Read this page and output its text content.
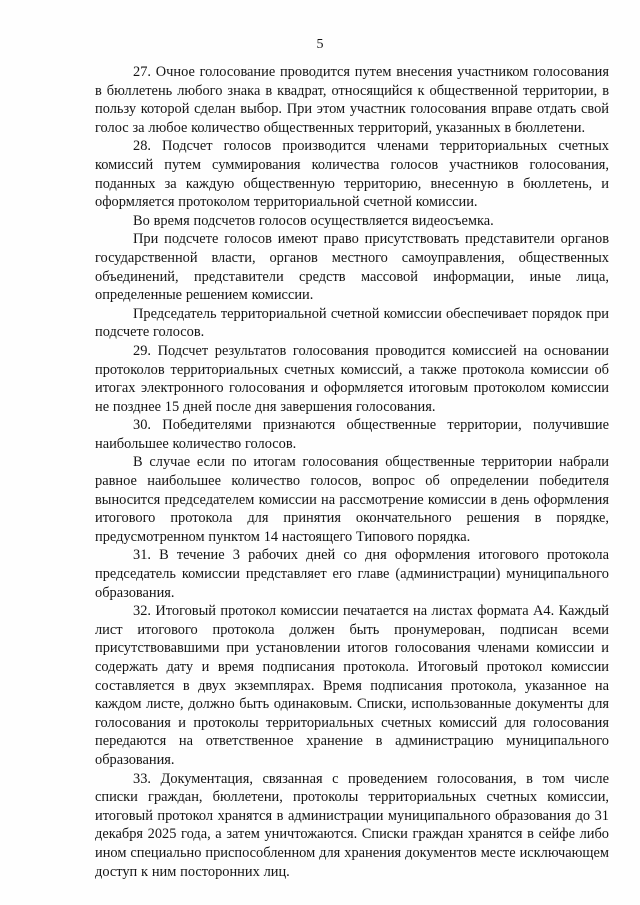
5

27. Очное голосование проводится путем внесения участником голосования в бюллетень любого знака в квадрат, относящийся к общественной территории, в пользу которой сделан выбор. При этом участник голосования вправе отдать свой голос за любое количество общественных территорий, указанных в бюллетени.

28. Подсчет голосов производится членами территориальных счетных комиссий путем суммирования количества голосов участников голосования, поданных за каждую общественную территорию, внесенную в бюллетень, и оформляется протоколом территориальной счетной комиссии.

Во время подсчетов голосов осуществляется видеосъемка.

При подсчете голосов имеют право присутствовать представители органов государственной власти, органов местного самоуправления, общественных объединений, представители средств массовой информации, иные лица, определенные решением комиссии.

Председатель территориальной счетной комиссии обеспечивает порядок при подсчете голосов.

29. Подсчет результатов голосования проводится комиссией на основании протоколов территориальных счетных комиссий, а также протокола комиссии об итогах электронного голосования и оформляется итоговым протоколом комиссии не позднее 15 дней после дня завершения голосования.

30. Победителями признаются общественные территории, получившие наибольшее количество голосов.

В случае если по итогам голосования общественные территории набрали равное наибольшее количество голосов, вопрос об определении победителя выносится председателем комиссии на рассмотрение комиссии в день оформления итогового протокола для принятия окончательного решения в порядке, предусмотренном пунктом 14 настоящего Типового порядка.

31. В течение 3 рабочих дней со дня оформления итогового протокола председатель комиссии представляет его главе (администрации) муниципального образования.

32. Итоговый протокол комиссии печатается на листах формата А4. Каждый лист итогового протокола должен быть пронумерован, подписан всеми присутствовавшими при установлении итогов голосования членами комиссии и содержать дату и время подписания протокола. Итоговый протокол комиссии составляется в двух экземплярах. Время подписания протокола, указанное на каждом листе, должно быть одинаковым. Списки, использованные документы для голосования и протоколы территориальных счетных комиссий для голосования передаются на ответственное хранение в администрацию муниципального образования.

33. Документация, связанная с проведением голосования, в том числе списки граждан, бюллетени, протоколы территориальных счетных комиссии, итоговый протокол хранятся в администрации муниципального образования до 31 декабря 2025 года, а затем уничтожаются. Списки граждан хранятся в сейфе либо ином специально приспособленном для хранения документов месте исключающем доступ к ним посторонних лиц.
